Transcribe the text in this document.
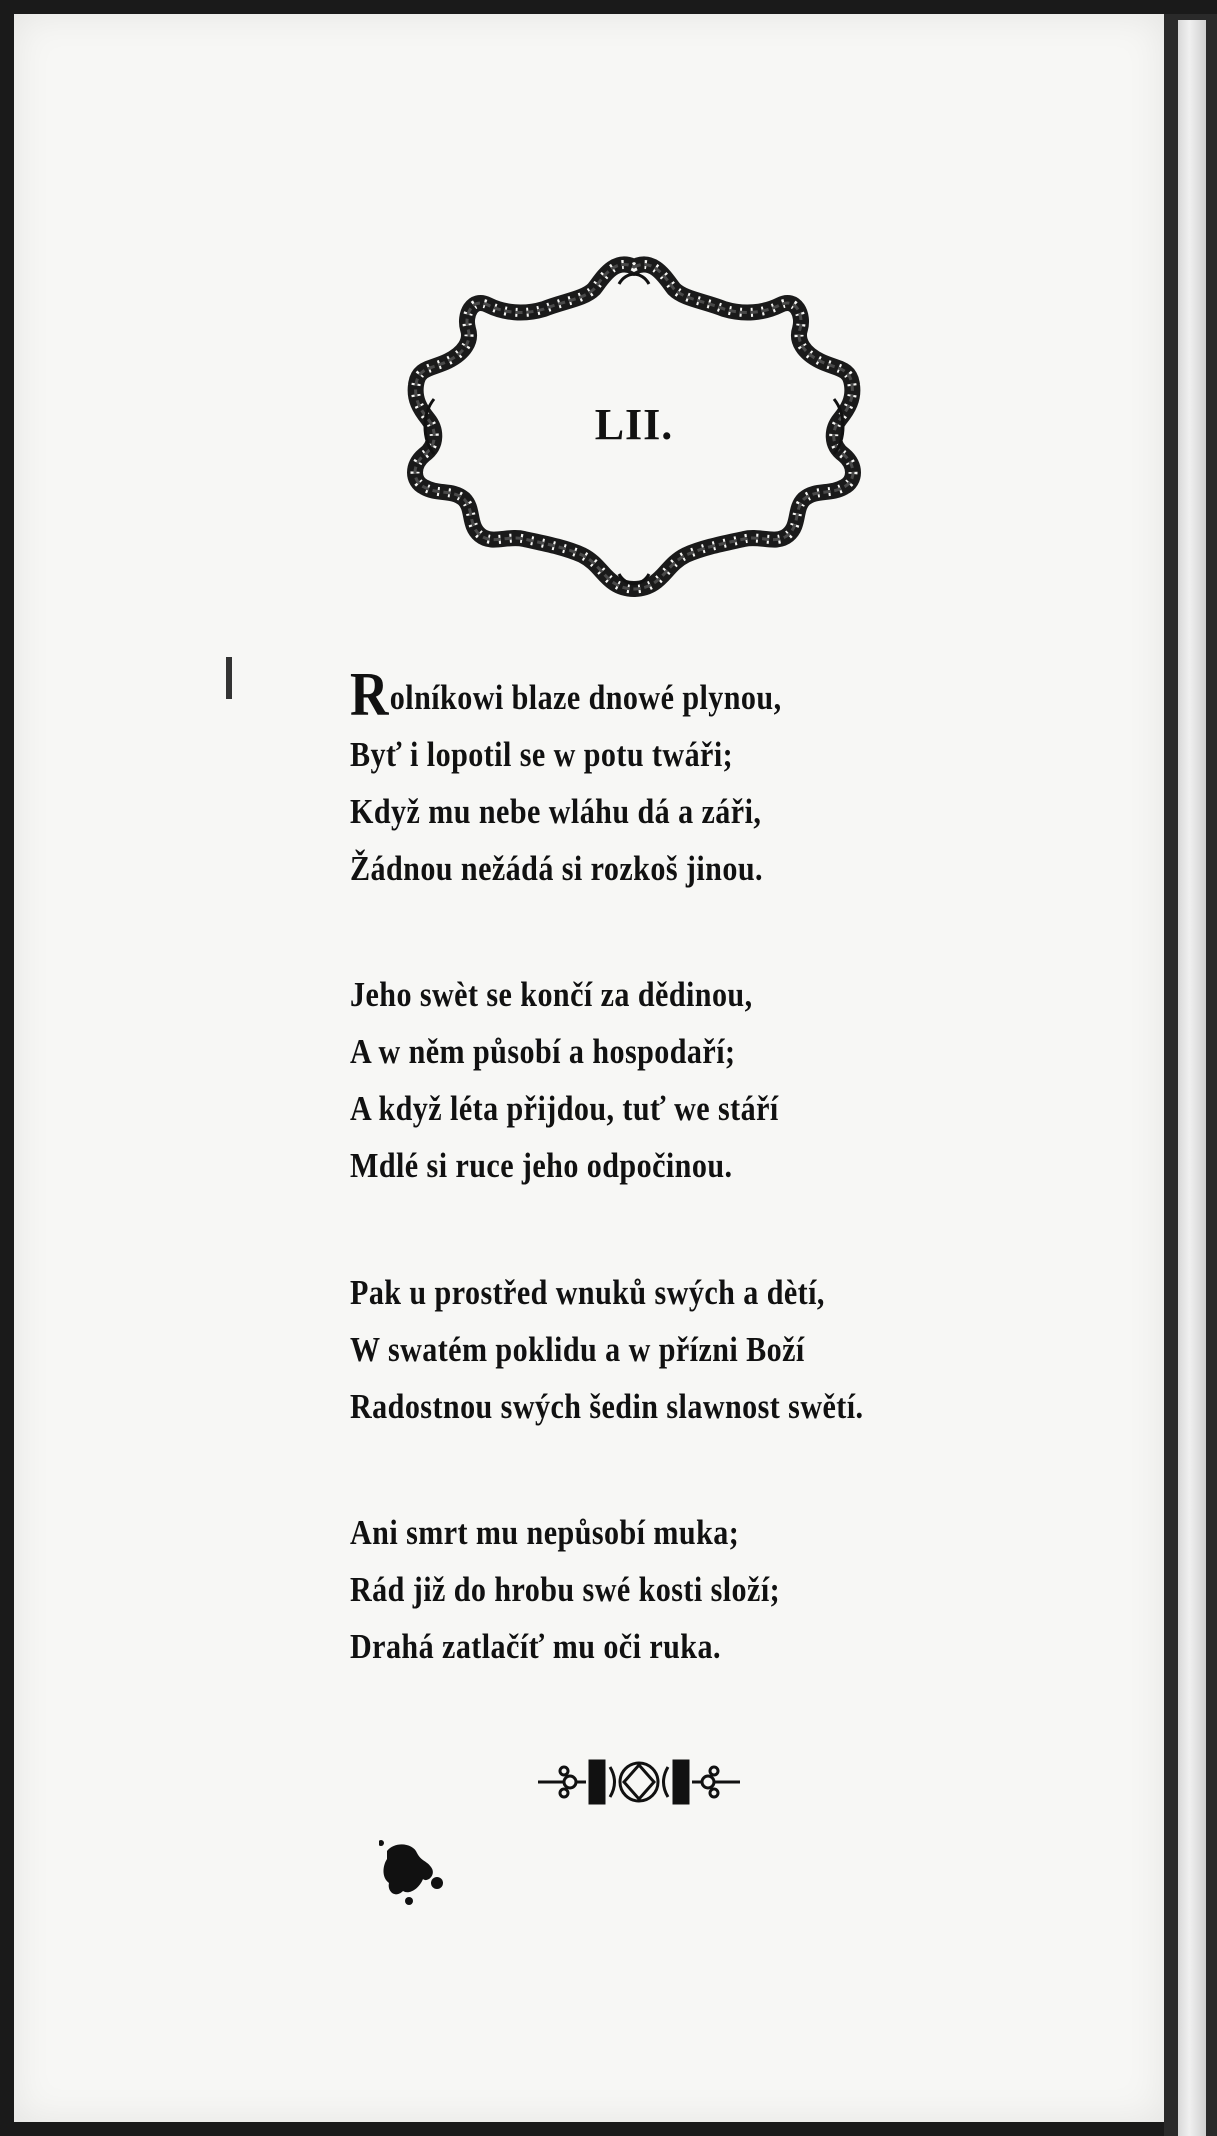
LII.
Rolníkowi blaze dnowé plynou,
Byť i lopotil se w potu twáři;
Když mu nebe wláhu dá a záři,
Žádnou nežádá si rozkoš jinou.
Jeho swèt se končí za dědinou,
A w něm působí a hospodaří;
A když léta přijdou, tuť we stáří
Mdlé si ruce jeho odpočinou.
Pak u prostřed wnuků swých a dètí,
W swatém poklidu a w přízni Boží
Radostnou swých šedin slawnost swětí.
Ani smrt mu nepůsobí muka;
Rád již do hrobu swé kosti složí;
Drahá zatlačíť mu oči ruka.
